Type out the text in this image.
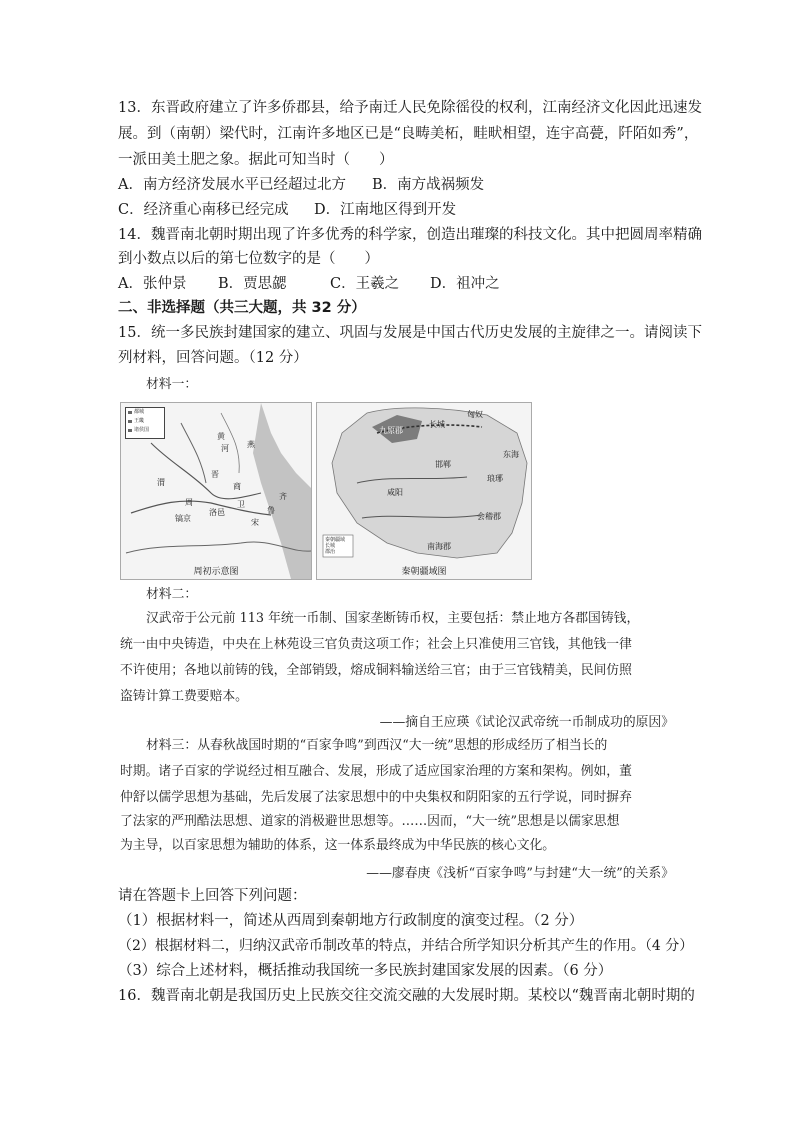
13．东晋政府建立了许多侨郡县，给予南迁人民免除徭役的权利，江南经济文化因此迅速发
展。到（南朝）梁代时，江南许多地区已是“良畴美柘，畦畎相望，连宇高甍，阡陌如秀”，
一派田美土肥之象。据此可知当时（　　）
A．南方经济发展水平已经超过北方 B．南方战祸频发
C．经济重心南移已经完成 D．江南地区得到开发
14．魏晋南北朝时期出现了许多优秀的科学家，创造出璀璨的科技文化。其中把圆周率精确
到小数点以后的第七位数字的是（　　）
A．张仲景 B．贾思勰	C．王羲之 D．祖冲之
二、非选择题（共三大题，共 32 分）
15．统一多民族封建国家的建立、巩固与发展是中国古代历史发展的主旋律之一。请阅读下
列材料，回答问题。（12 分）
材料一：
都城
王畿
诸侯国
周
镐京
商
燕
齐
鲁
晋
宋
卫
洛邑
黄
河
渭
周初示意图
九原郡
咸阳
长城
匈奴
南海郡
会稽郡
琅琊
邯郸
东海
秦朝疆域
长城
郡治
秦朝疆域图
材料二：
汉武帝于公元前 113 年统一币制、国家垄断铸币权，主要包括：禁止地方各郡国铸钱，
统一由中央铸造，中央在上林苑设三官负责这项工作；社会上只准使用三官钱，其他钱一律
不许使用；各地以前铸的钱，全部销毁，熔成铜料输送给三官；由于三官钱精美，民间仿照
盗铸计算工费要赔本。
——摘自王应瑛《试论汉武帝统一币制成功的原因》
材料三：从春秋战国时期的“百家争鸣”到西汉“大一统”思想的形成经历了相当长的
时期。诸子百家的学说经过相互融合、发展，形成了适应国家治理的方案和架构。例如，董
仲舒以儒学思想为基础，先后发展了法家思想中的中央集权和阴阳家的五行学说，同时摒弃
了法家的严刑酷法思想、道家的消极避世思想等。……因而，“大一统”思想是以儒家思想
为主导，以百家思想为辅助的体系，这一体系最终成为中华民族的核心文化。
——廖春庚《浅析“百家争鸣”与封建“大一统”的关系》
请在答题卡上回答下列问题：
（1）根据材料一，简述从西周到秦朝地方行政制度的演变过程。（2 分）
（2）根据材料二，归纳汉武帝币制改革的特点，并结合所学知识分析其产生的作用。（4 分）
（3）综合上述材料，概括推动我国统一多民族封建国家发展的因素。（6 分）
16．魏晋南北朝是我国历史上民族交往交流交融的大发展时期。某校以“魏晋南北朝时期的
